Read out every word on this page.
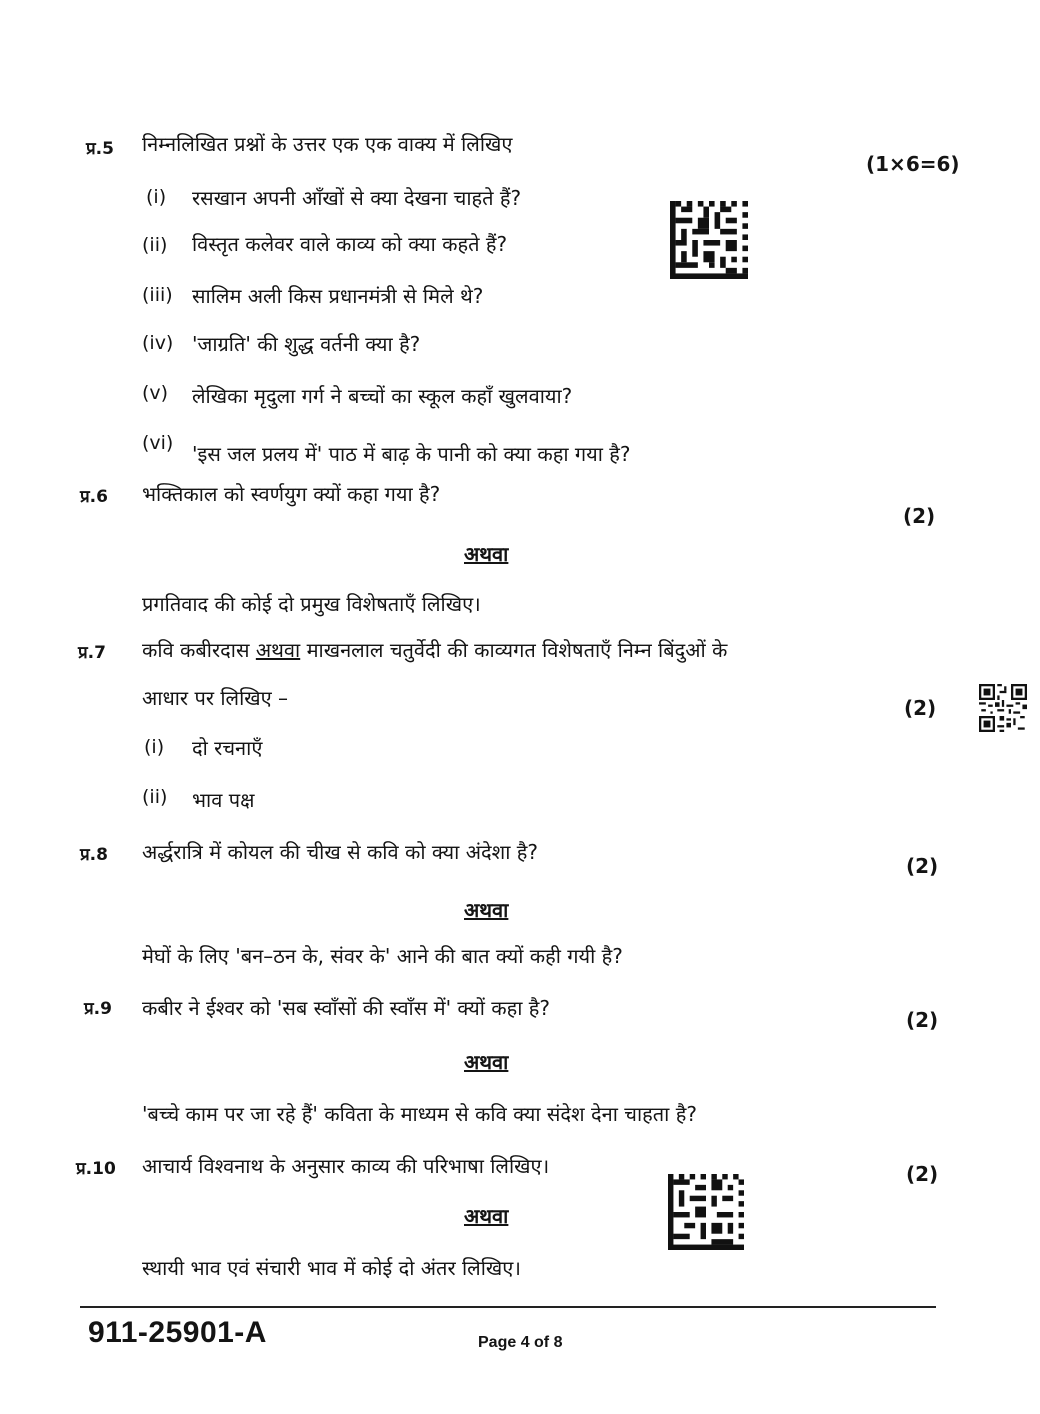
प्र.5 निम्नलिखित प्रश्नों के उत्तर एक एक वाक्य में लिखिए
(1×6=6)
(i) रसखान अपनी आँखों से क्या देखना चाहते हैं?
(ii) विस्तृत कलेवर वाले काव्य को क्या कहते हैं?
(iii) सालिम अली किस प्रधानमंत्री से मिले थे?
(iv) 'जाग्रति' की शुद्ध वर्तनी क्या है?
(v) लेखिका मृदुला गर्ग ने बच्चों का स्कूल कहाँ खुलवाया?
(vi) 'इस जल प्रलय में' पाठ में बाढ़ के पानी को क्या कहा गया है?
प्र.6 भक्तिकाल को स्वर्णयुग क्यों कहा गया है?
(2)
अथवा
प्रगतिवाद की कोई दो प्रमुख विशेषताएँ लिखिए।
प्र.7 कवि कबीरदास अथवा माखनलाल चतुर्वेदी की काव्यगत विशेषताएँ निम्न बिंदुओं के
आधार पर लिखिए –	(2)
(i) दो रचनाएँ
(ii) भाव पक्ष
प्र.8 अर्द्धरात्रि में कोयल की चीख से कवि को क्या अंदेशा है?
(2)
अथवा
मेघों के लिए 'बन–ठन के, संवर के' आने की बात क्यों कही गयी है?
प्र.9 कबीर ने ईश्वर को 'सब स्वाँसों की स्वाँस में' क्यों कहा है?	(2)
अथवा
'बच्चे काम पर जा रहे हैं' कविता के माध्यम से कवि क्या संदेश देना चाहता है?
प्र.10 आचार्य विश्वनाथ के अनुसार काव्य की परिभाषा लिखिए।	(2)
अथवा
स्थायी भाव एवं संचारी भाव में कोई दो अंतर लिखिए।
911-25901-A	Page 4 of 8
